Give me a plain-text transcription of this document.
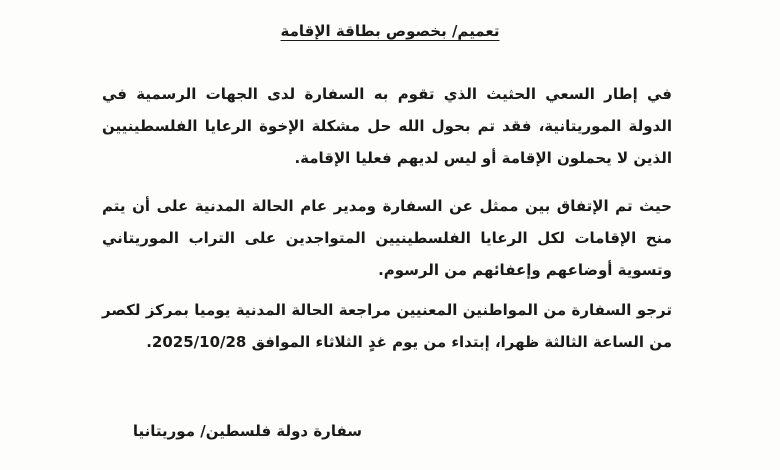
تعميم/ بخصوص بطاقة الإقامة

في إطار السعي الحثيث الذي تقوم به السفارة لدى الجهات الرسمية في الدولة الموريتانية، فقد تم بحول الله حل مشكلة الإخوة الرعايا الفلسطينيين الذين لا يحملون الإقامة أو ليس لديهم فعليا الإقامة.

حيث تم الإتفاق بين ممثل عن السفارة ومدير عام الحالة المدنية على أن يتم منح الإقامات لكل الرعايا الفلسطينيين المتواجدين على التراب الموريتاني وتسوية أوضاعهم وإعفائهم من الرسوم.

ترجو السفارة من المواطنين المعنيين مراجعة الحالة المدنية يوميا بمركز لكصر من الساعة الثالثة ظهرا، إبتداء من يوم غدٍ الثلاثاء الموافق 2025/10/28.

سفارة دولة فلسطين/ موريتانيا
